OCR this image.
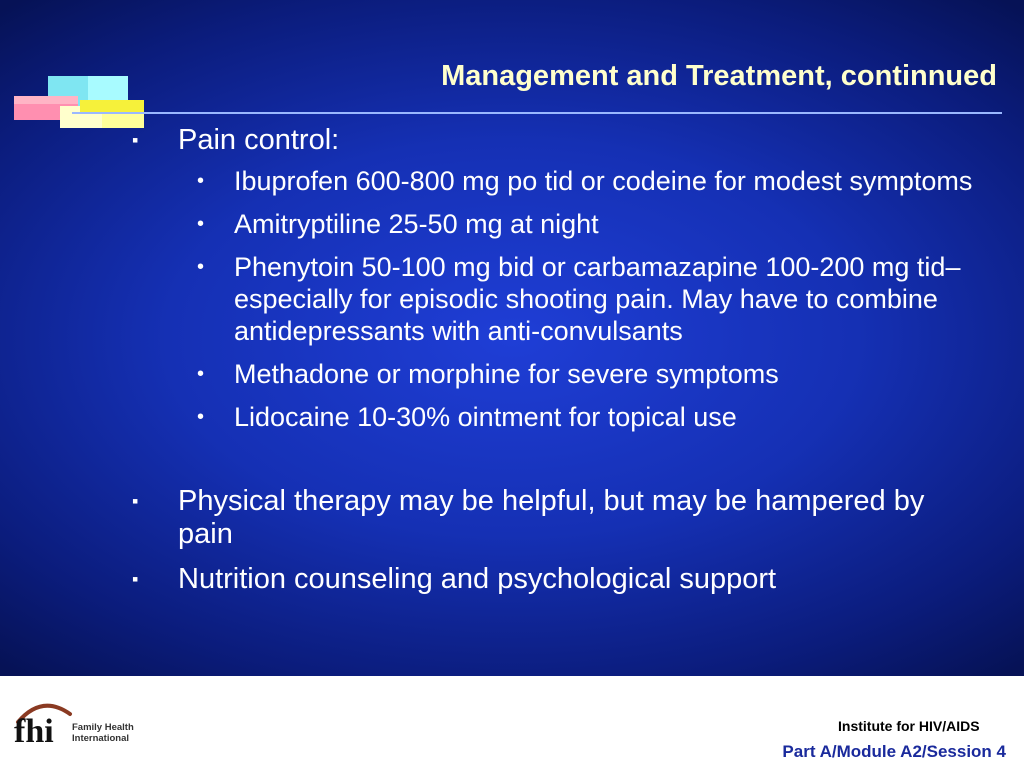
Management and Treatment, continnued
▪ Pain control:
• Ibuprofen 600-800 mg po tid or codeine for modest symptoms
• Amitryptiline 25-50 mg at night
• Phenytoin 50-100 mg bid or carbamazapine 100-200 mg tid– especially for episodic shooting pain. May have to combine antidepressants with anti-convulsants
• Methadone or morphine for severe symptoms
• Lidocaine 10-30% ointment for topical use
▪ Physical therapy may be helpful, but may be hampered by pain
▪ Nutrition counseling and psychological support
fhi Family Health International
Institute for HIV/AIDS
Part A/Module A2/Session 4
